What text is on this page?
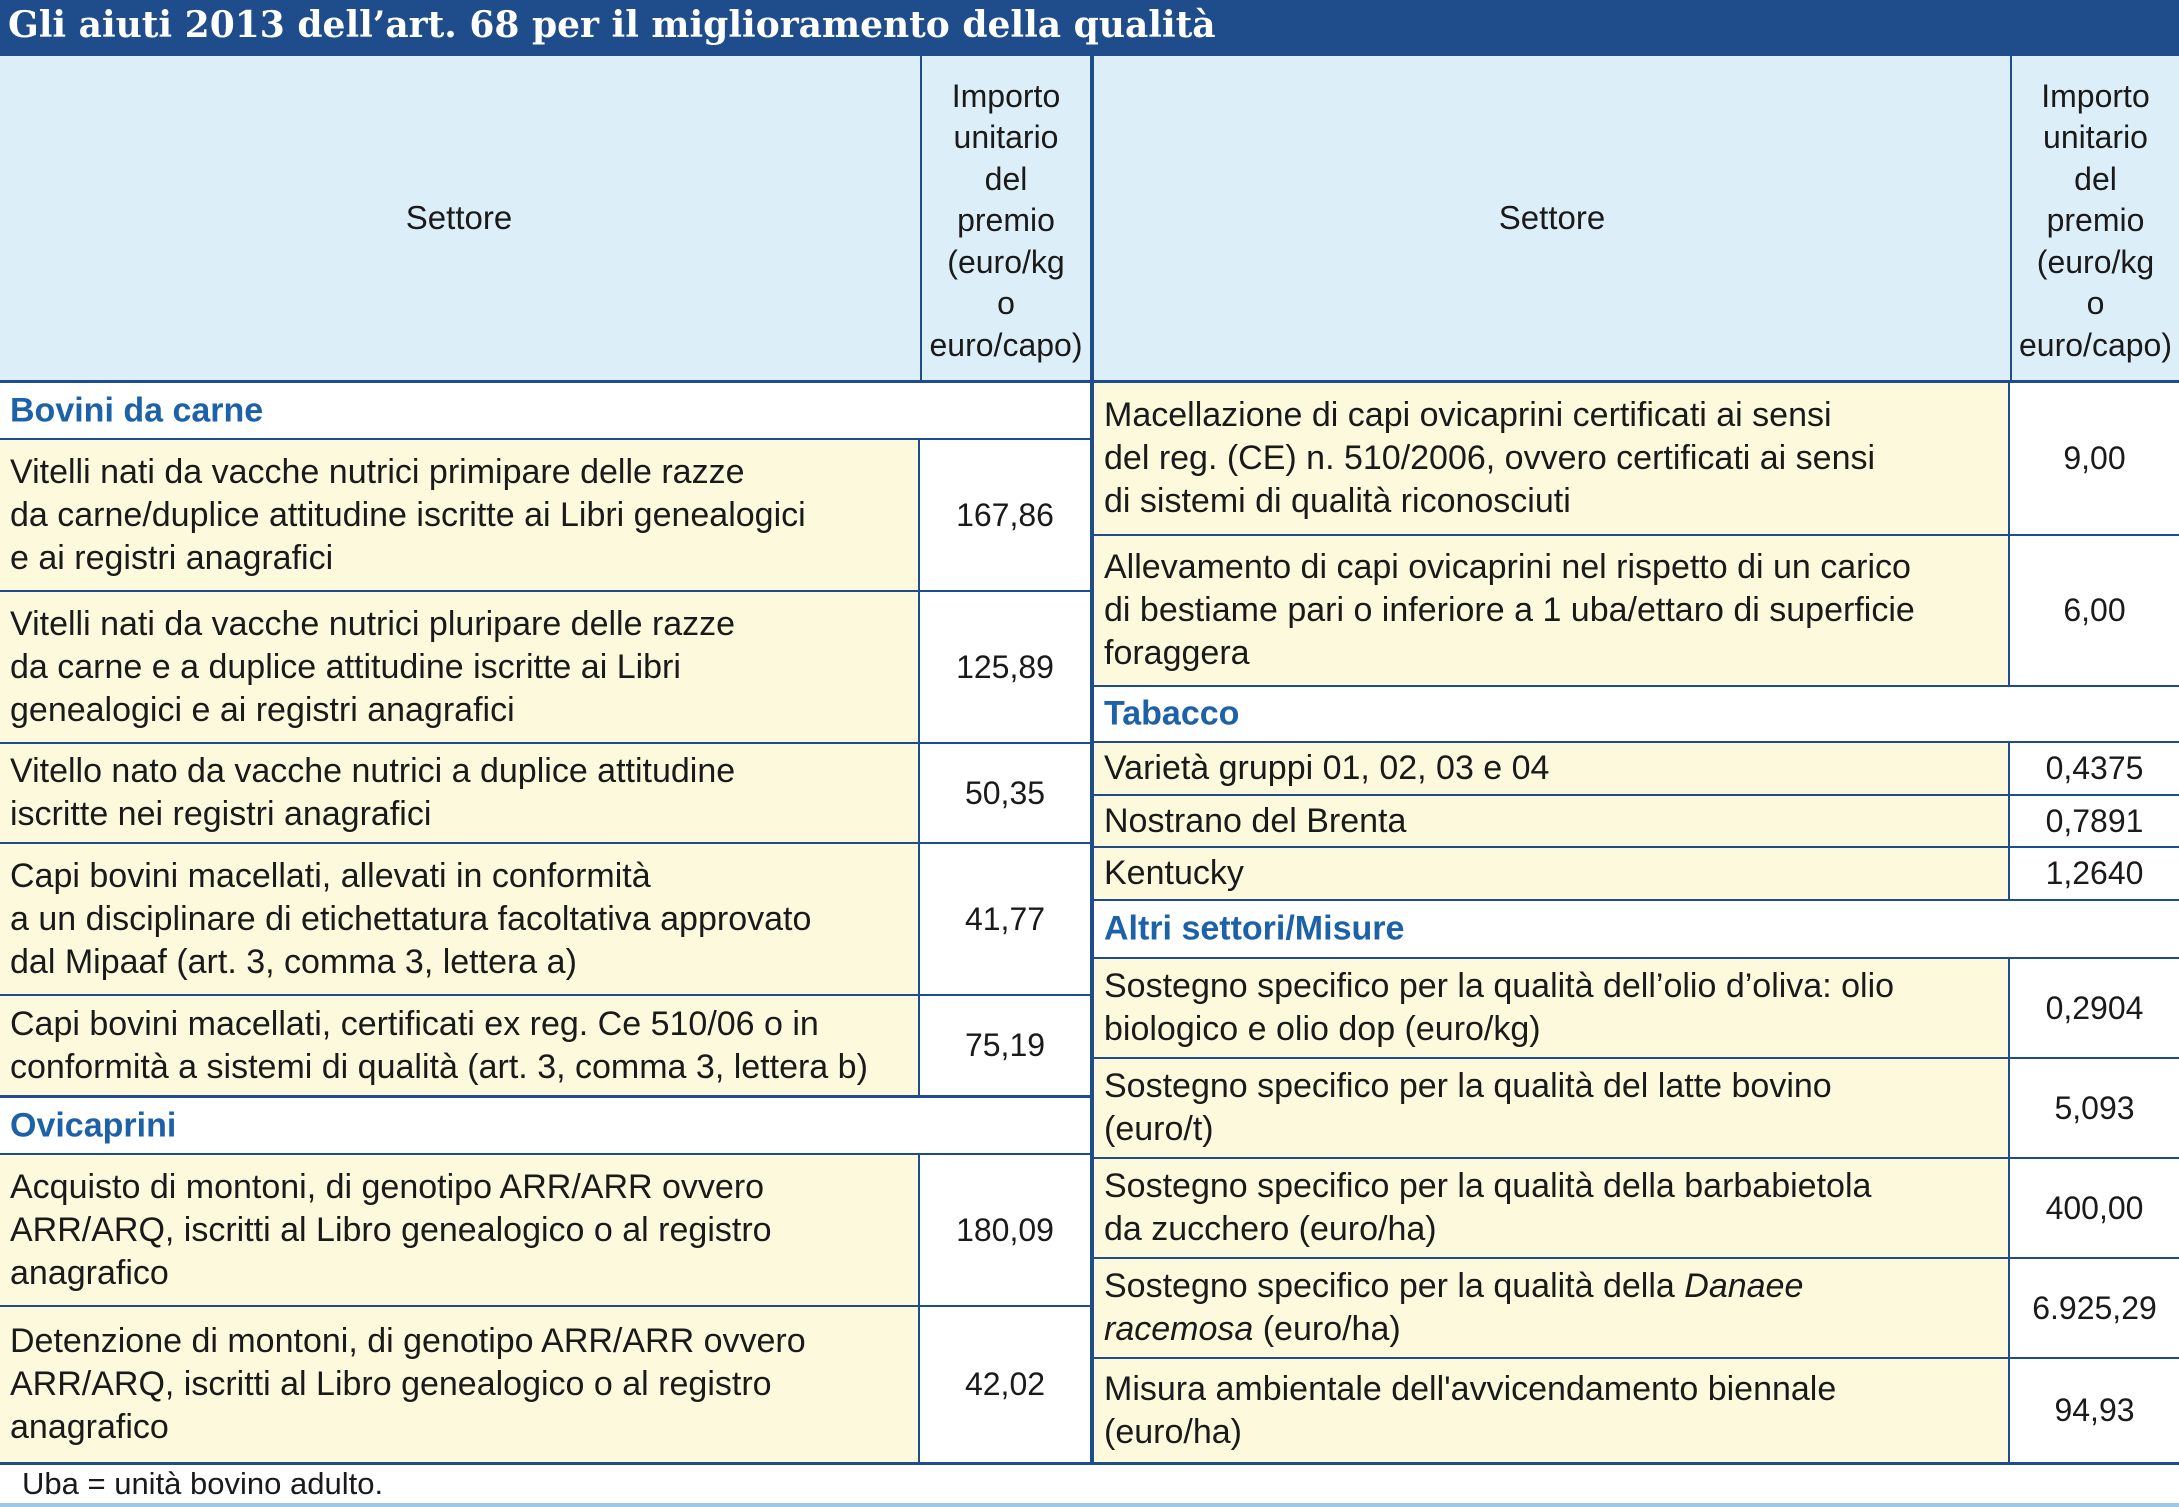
Gli aiuti 2013 dell’art. 68 per il miglioramento della qualità
Settore
Importo
unitario
del
premio
(euro/kg
o
euro/capo)
Bovini da carne
Vitelli nati da vacche nutrici primipare delle razze
da carne/duplice attitudine iscritte ai Libri genealogici
e ai registri anagrafici
167,86
Vitelli nati da vacche nutrici pluripare delle razze
da carne e a duplice attitudine iscritte ai Libri
genealogici e ai registri anagrafici
125,89
Vitello nato da vacche nutrici a duplice attitudine
iscritte nei registri anagrafici
50,35
Capi bovini macellati, allevati in conformità
a un disciplinare di etichettatura facoltativa approvato
dal Mipaaf (art. 3, comma 3, lettera a)
41,77
Capi bovini macellati, certificati ex reg. Ce 510/06 o in
conformità a sistemi di qualità (art. 3, comma 3, lettera b)
75,19
Ovicaprini
Acquisto di montoni, di genotipo ARR/ARR ovvero
ARR/ARQ, iscritti al Libro genealogico o al registro
anagrafico
180,09
Detenzione di montoni, di genotipo ARR/ARR ovvero
ARR/ARQ, iscritti al Libro genealogico o al registro
anagrafico
42,02
Settore
Importo
unitario
del
premio
(euro/kg
o
euro/capo)
Macellazione di capi ovicaprini certificati ai sensi
del reg. (CE) n. 510/2006, ovvero certificati ai sensi
di sistemi di qualità riconosciuti
9,00
Allevamento di capi ovicaprini nel rispetto di un carico
di bestiame pari o inferiore a 1 uba/ettaro di superficie
foraggera
6,00
Tabacco
Varietà gruppi 01, 02, 03 e 04	0,4375
Nostrano del Brenta	0,7891
Kentucky	1,2640
Altri settori/Misure
Sostegno specifico per la qualità dell’olio d’oliva: olio
biologico e olio dop (euro/kg)
0,2904
Sostegno specifico per la qualità del latte bovino
(euro/t)
5,093
Sostegno specifico per la qualità della barbabietola
da zucchero (euro/ha)
400,00
Sostegno specifico per la qualità della Danaee
racemosa (euro/ha)
6.925,29
Misura ambientale dell'avvicendamento biennale
(euro/ha)
94,93
Uba = unità bovino adulto.
